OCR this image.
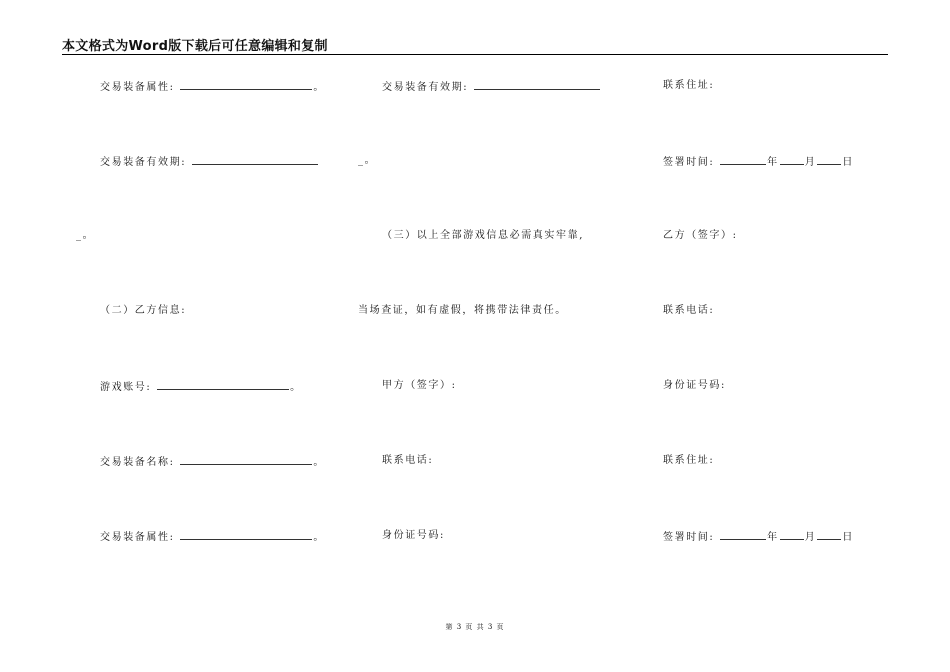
本文格式为Word版下载后可任意编辑和复制
交易装备属性:	。
交易装备有效期:
_。
（二）乙方信息:
游戏账号:	。
交易装备名称:	。
交易装备属性:	。
交易装备有效期:
_。
（三）以上全部游戏信息必需真实牢靠,
当场查证，如有虚假，将携带法律责任。
甲方（签字）:
联系电话:
身份证号码:
联系住址:
签署时间:	年	月	日
乙方（签字）:
联系电话:
身份证号码:
联系住址:
签署时间:	年	月	日
第 3 页 共 3 页
